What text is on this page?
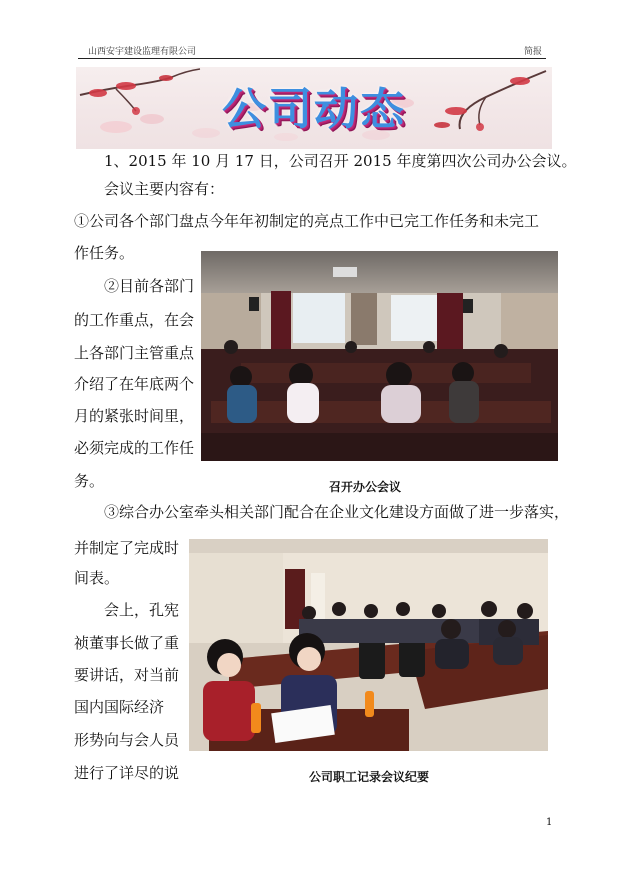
山西安宇建设监理有限公司	简报
公司动态
1、2015 年 10 月 17 日，公司召开 2015 年度第四次公司办公会议。
会议主要内容有：
①公司各个部门盘点今年年初制定的亮点工作中已完工作任务和未完工
作任务。
②目前各部门
的工作重点，在会
上各部门主管重点
介绍了在年底两个
月的紧张时间里，
必须完成的工作任
务。	召开办公会议
③综合办公室牵头相关部门配合在企业文化建设方面做了进一步落实，
并制定了完成时
间表。
会上，孔宪
祯董事长做了重
要讲话，对当前
国内国际经济
形势向与会人员
进行了详尽的说	公司职工记录会议纪要
1
